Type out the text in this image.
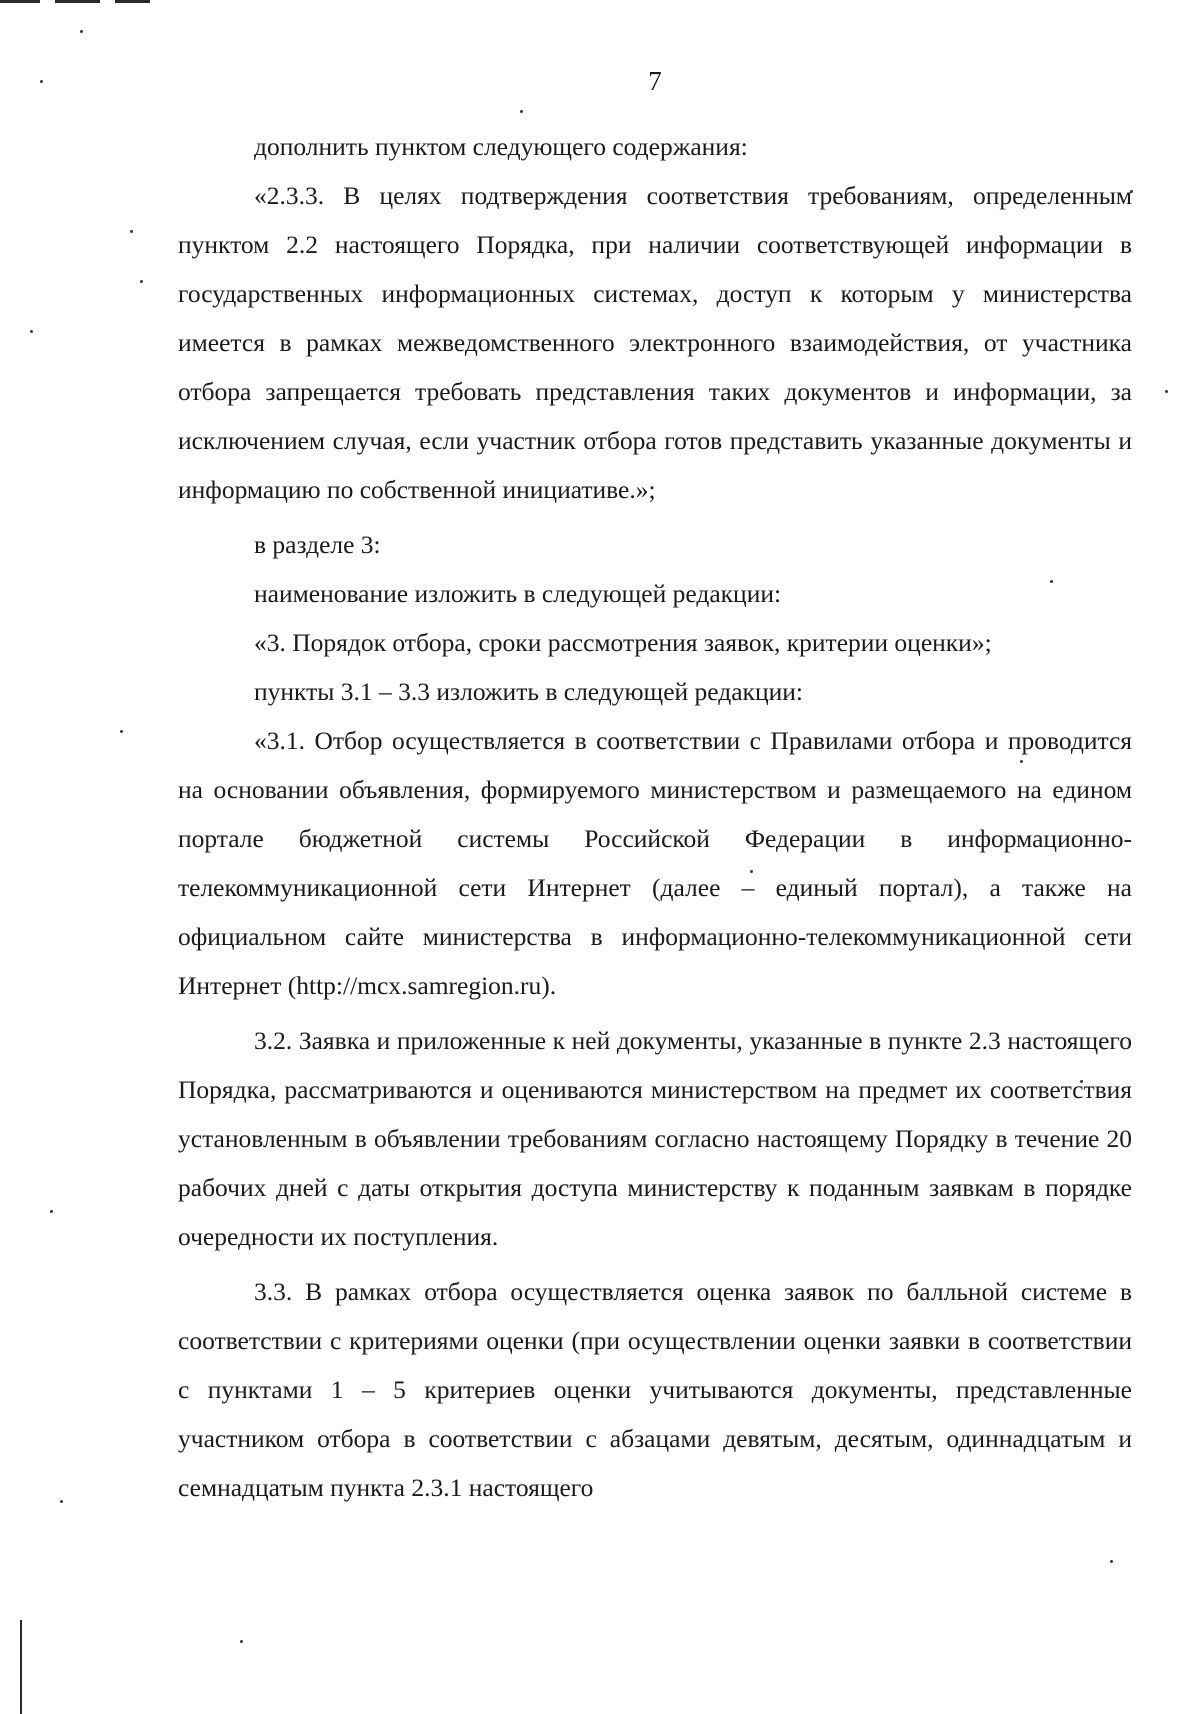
7

дополнить пунктом следующего содержания:

«2.3.3. В целях подтверждения соответствия требованиям, определенным пунктом 2.2 настоящего Порядка, при наличии соответствующей информации в государственных информационных системах, доступ к которым у министерства имеется в рамках межведомственного электронного взаимодействия, от участника отбора запрещается требовать представления таких документов и информации, за исключением случая, если участник отбора готов представить указанные документы и информацию по собственной инициативе.»;

в разделе 3:

наименование изложить в следующей редакции:

«3. Порядок отбора, сроки рассмотрения заявок, критерии оценки»;

пункты 3.1 – 3.3 изложить в следующей редакции:

«3.1. Отбор осуществляется в соответствии с Правилами отбора и проводится на основании объявления, формируемого министерством и размещаемого на едином портале бюджетной системы Российской Федерации в информационно-телекоммуникационной сети Интернет (далее – единый портал), а также на официальном сайте министерства в информационно-телекоммуникационной сети Интернет (http://mcx.samregion.ru).

3.2. Заявка и приложенные к ней документы, указанные в пункте 2.3 настоящего Порядка, рассматриваются и оцениваются министерством на предмет их соответствия установленным в объявлении требованиям согласно настоящему Порядку в течение 20 рабочих дней с даты открытия доступа министерству к поданным заявкам в порядке очередности их поступления.

3.3. В рамках отбора осуществляется оценка заявок по балльной системе в соответствии с критериями оценки (при осуществлении оценки заявки в соответствии с пунктами 1 – 5 критериев оценки учитываются документы, представленные участником отбора в соответствии с абзацами девятым, десятым, одиннадцатым и семнадцатым пункта 2.3.1 настоящего
